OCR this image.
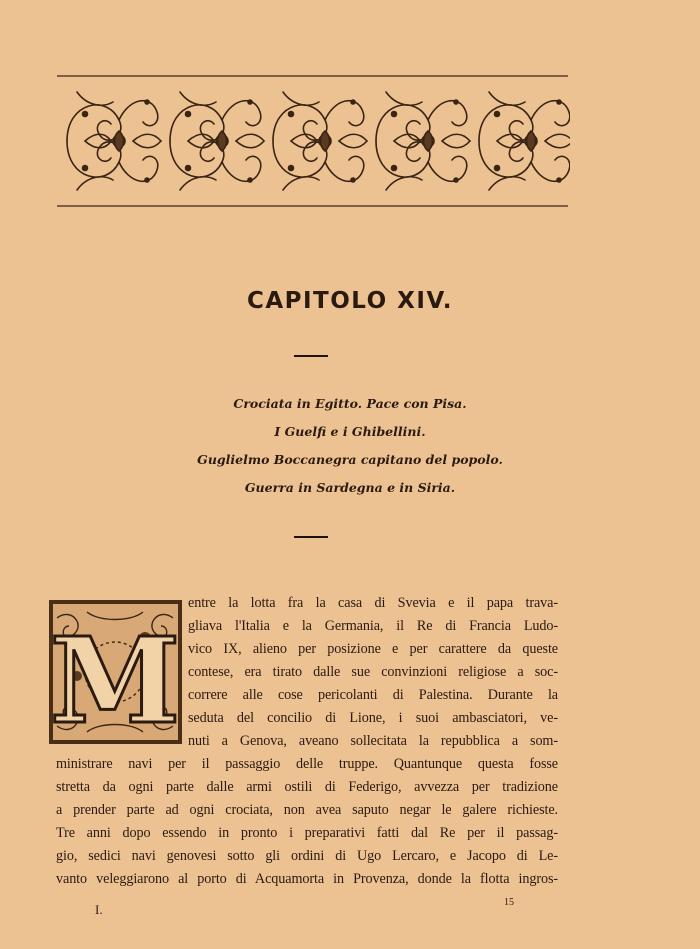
CAPITOLO XIV.
Crociata in Egitto. Pace con Pisa.
I Guelfi e i Ghibellini.
Guglielmo Boccanegra capitano del popolo.
Guerra in Sardegna e in Siria.
M
entre la lotta fra la casa di Svevia e il papa trava-
gliava l'Italia e la Germania, il Re di Francia Ludo-
vico IX, alieno per posizione e per carattere da queste
contese, era tirato dalle sue convinzioni religiose a soc-
correre alle cose pericolanti di Palestina. Durante la
seduta del concilio di Lione, i suoi ambasciatori, ve-
nuti a Genova, aveano sollecitata la repubblica a som-
ministrare navi per il passaggio delle truppe. Quantunque questa fosse
stretta da ogni parte dalle armi ostili di Federigo, avvezza per tradizione
a prender parte ad ogni crociata, non avea saputo negar le galere richieste.
Tre anni dopo essendo in pronto i preparativi fatti dal Re per il passag-
gio, sedici navi genovesi sotto gli ordini di Ugo Lercaro, e Jacopo di Le-
vanto veleggiarono al porto di Acquamorta in Provenza, donde la flotta ingros-

I.	15
